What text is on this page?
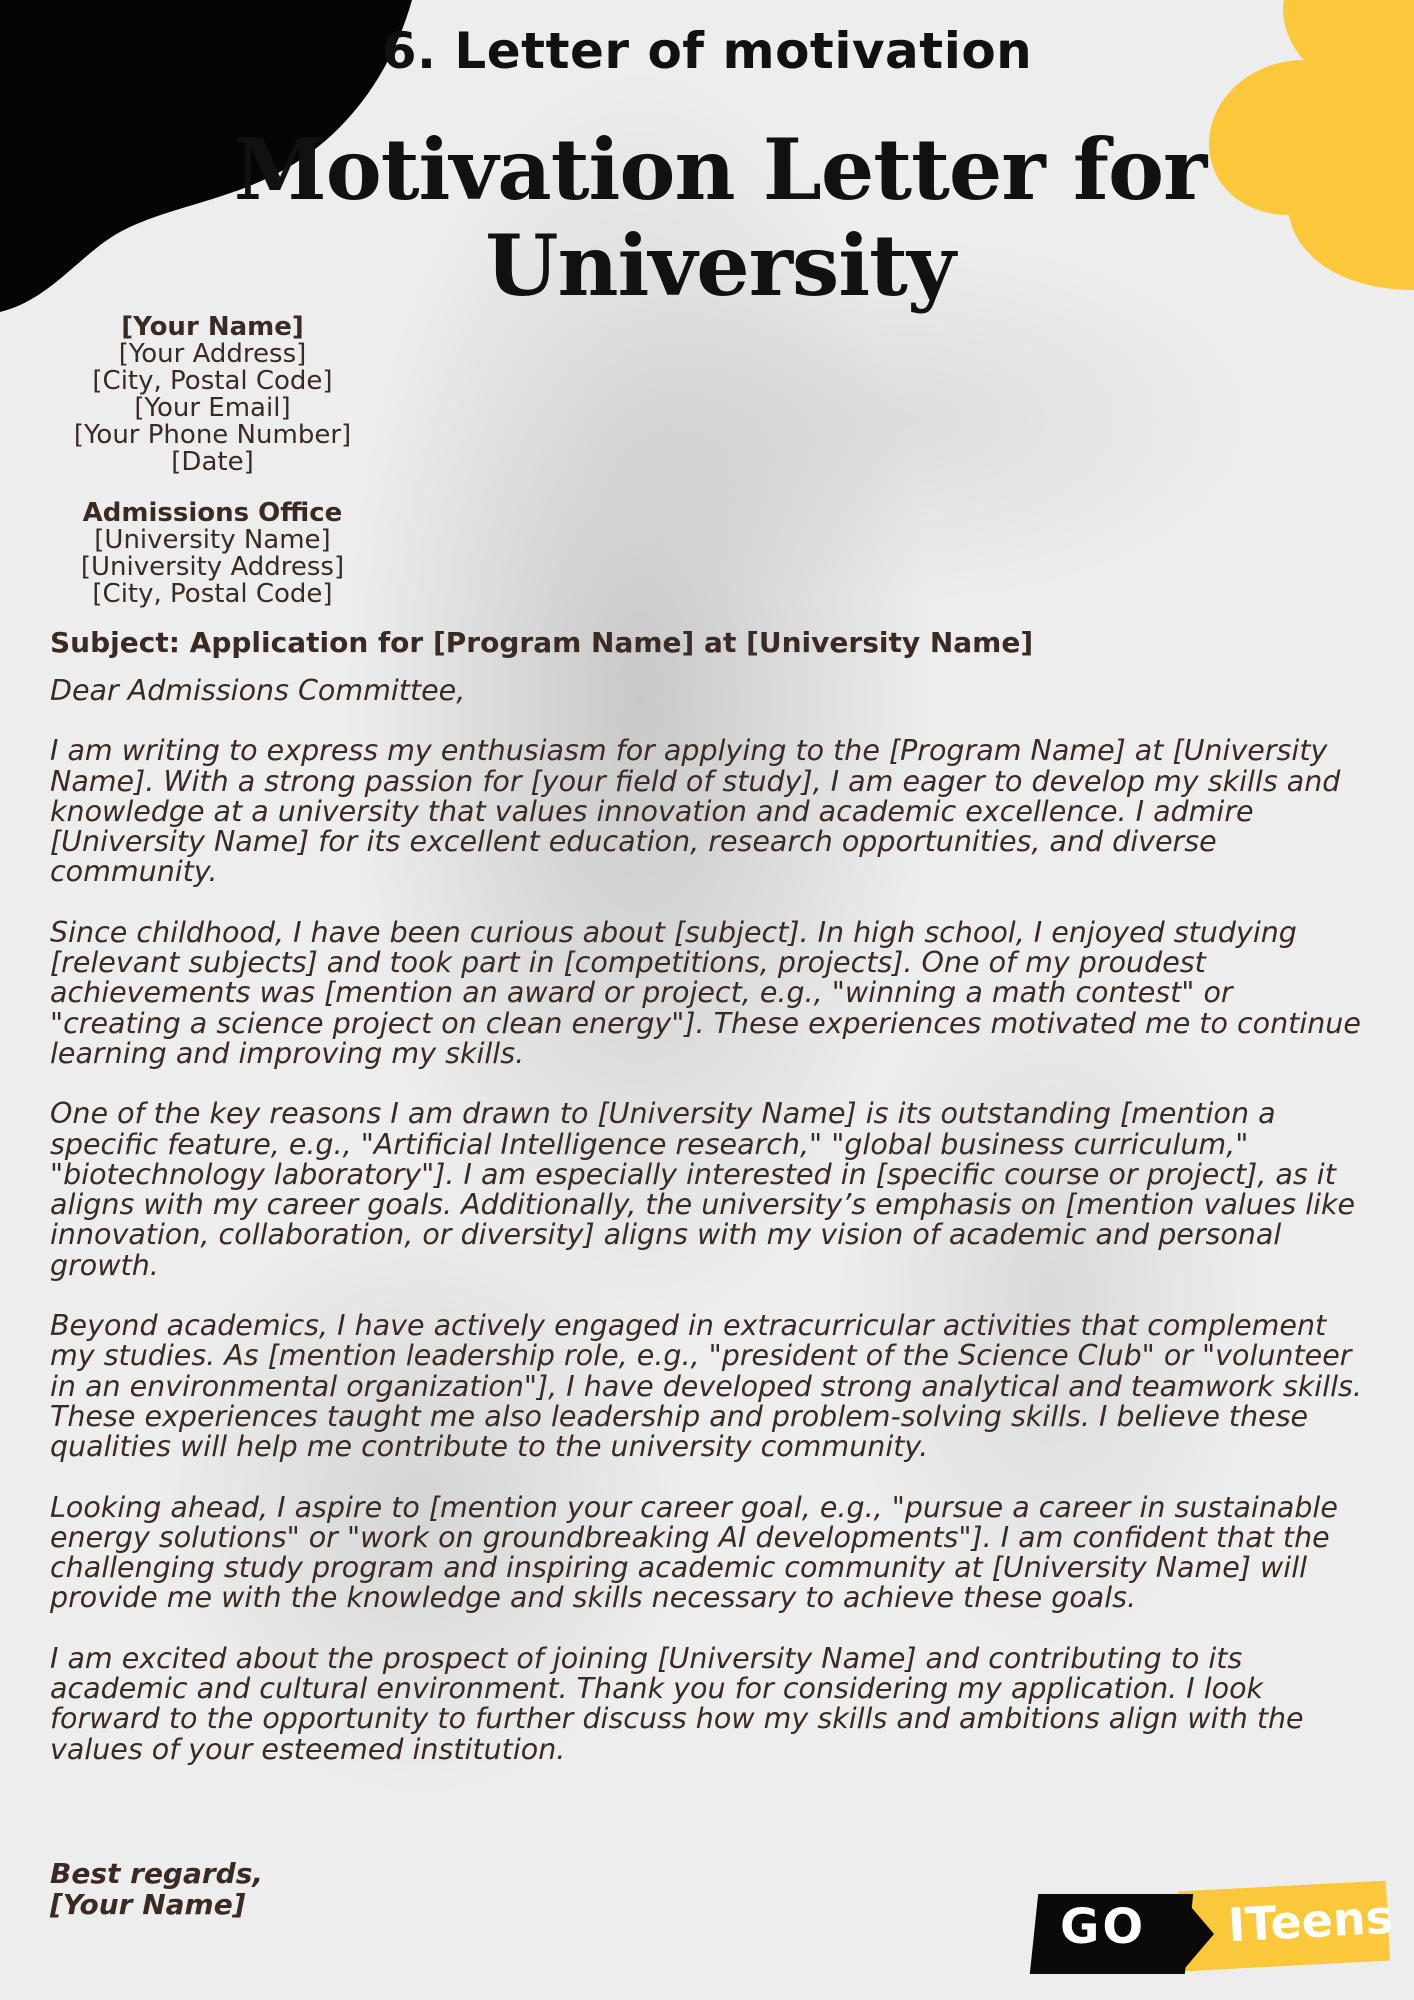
6. Letter of motivation
Motivation Letter for
University
[Your Name]
[Your Address]
[City, Postal Code]
[Your Email]
[Your Phone Number]
[Date]
Admissions Office
[University Name]
[University Address]
[City, Postal Code]
Subject: Application for [Program Name] at [University Name]

Dear Admissions Committee,

I am writing to express my enthusiasm for applying to the [Program Name] at [University Name]. With a strong passion for [your field of study], I am eager to develop my skills and knowledge at a university that values innovation and academic excellence. I admire [University Name] for its excellent education, research opportunities, and diverse community.

Since childhood, I have been curious about [subject]. In high school, I enjoyed studying [relevant subjects] and took part in [competitions, projects]. One of my proudest achievements was [mention an award or project, e.g., "winning a math contest" or "creating a science project on clean energy"]. These experiences motivated me to continue learning and improving my skills.

One of the key reasons I am drawn to [University Name] is its outstanding [mention a specific feature, e.g., "Artificial Intelligence research," "global business curriculum," "biotechnology laboratory"]. I am especially interested in [specific course or project], as it aligns with my career goals. Additionally, the university’s emphasis on [mention values like innovation, collaboration, or diversity] aligns with my vision of academic and personal growth.

Beyond academics, I have actively engaged in extracurricular activities that complement my studies. As [mention leadership role, e.g., "president of the Science Club" or "volunteer in an environmental organization"], I have developed strong analytical and teamwork skills. These experiences taught me also leadership and problem-solving skills. I believe these qualities will help me contribute to the university community.

Looking ahead, I aspire to [mention your career goal, e.g., "pursue a career in sustainable energy solutions" or "work on groundbreaking AI developments"]. I am confident that the challenging study program and inspiring academic community at [University Name] will provide me with the knowledge and skills necessary to achieve these goals.

I am excited about the prospect of joining [University Name] and contributing to its academic and cultural environment. Thank you for considering my application. I look forward to the opportunity to further discuss how my skills and ambitions align with the values of your esteemed institution.

Best regards,
[Your Name]	GO ITeens
